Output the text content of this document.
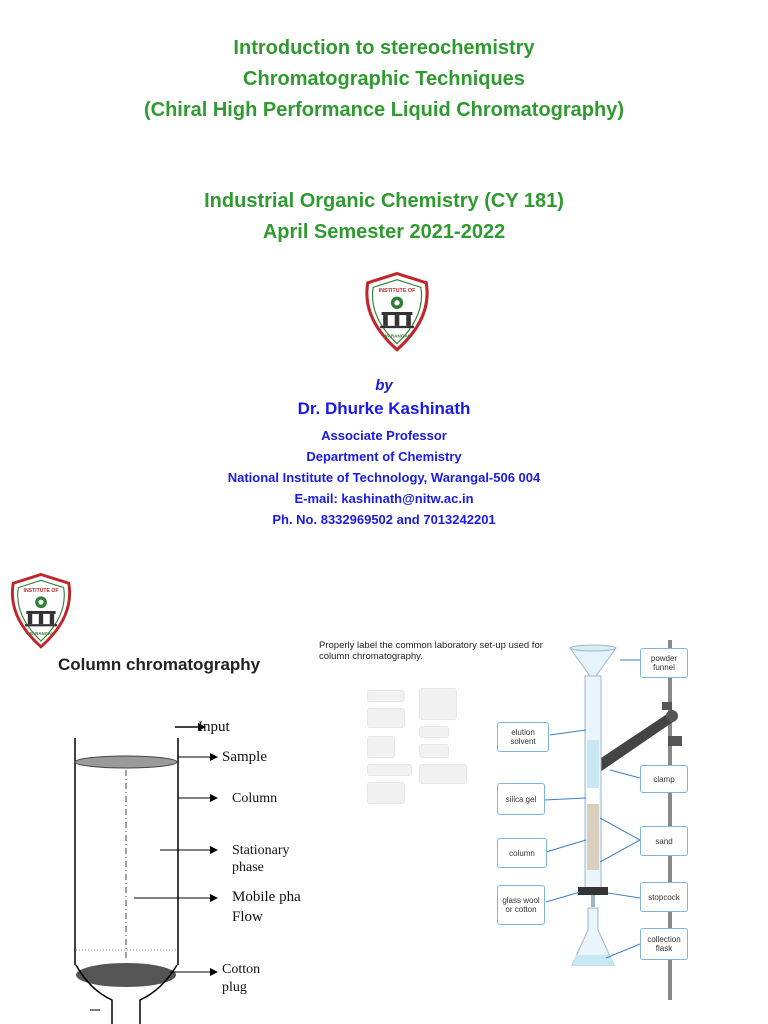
Introduction to stereochemistry
Chromatographic Techniques
(Chiral High Performance Liquid Chromatography)
Industrial Organic Chemistry (CY 181)
April Semester 2021-2022
INSTITUTE OF
WARANGAL
by
Dr. Dhurke Kashinath
Associate Professor
Department of Chemistry
National Institute of Technology, Warangal-506 004
E-mail: kashinath@nitw.ac.in
Ph. No. 8332969502 and 7013242201
INSTITUTE OF
WARANGAL
Column chromatography
Input
Sample
Column
Stationary
phase
Mobile pha
Flow
Cotton
plug
Properly label the common laboratory set-up used for column chromatography.	powder funnel
elution solvent
clamp
silica gel
sand
column
stopcock
glass wool or cotton
collection flask
